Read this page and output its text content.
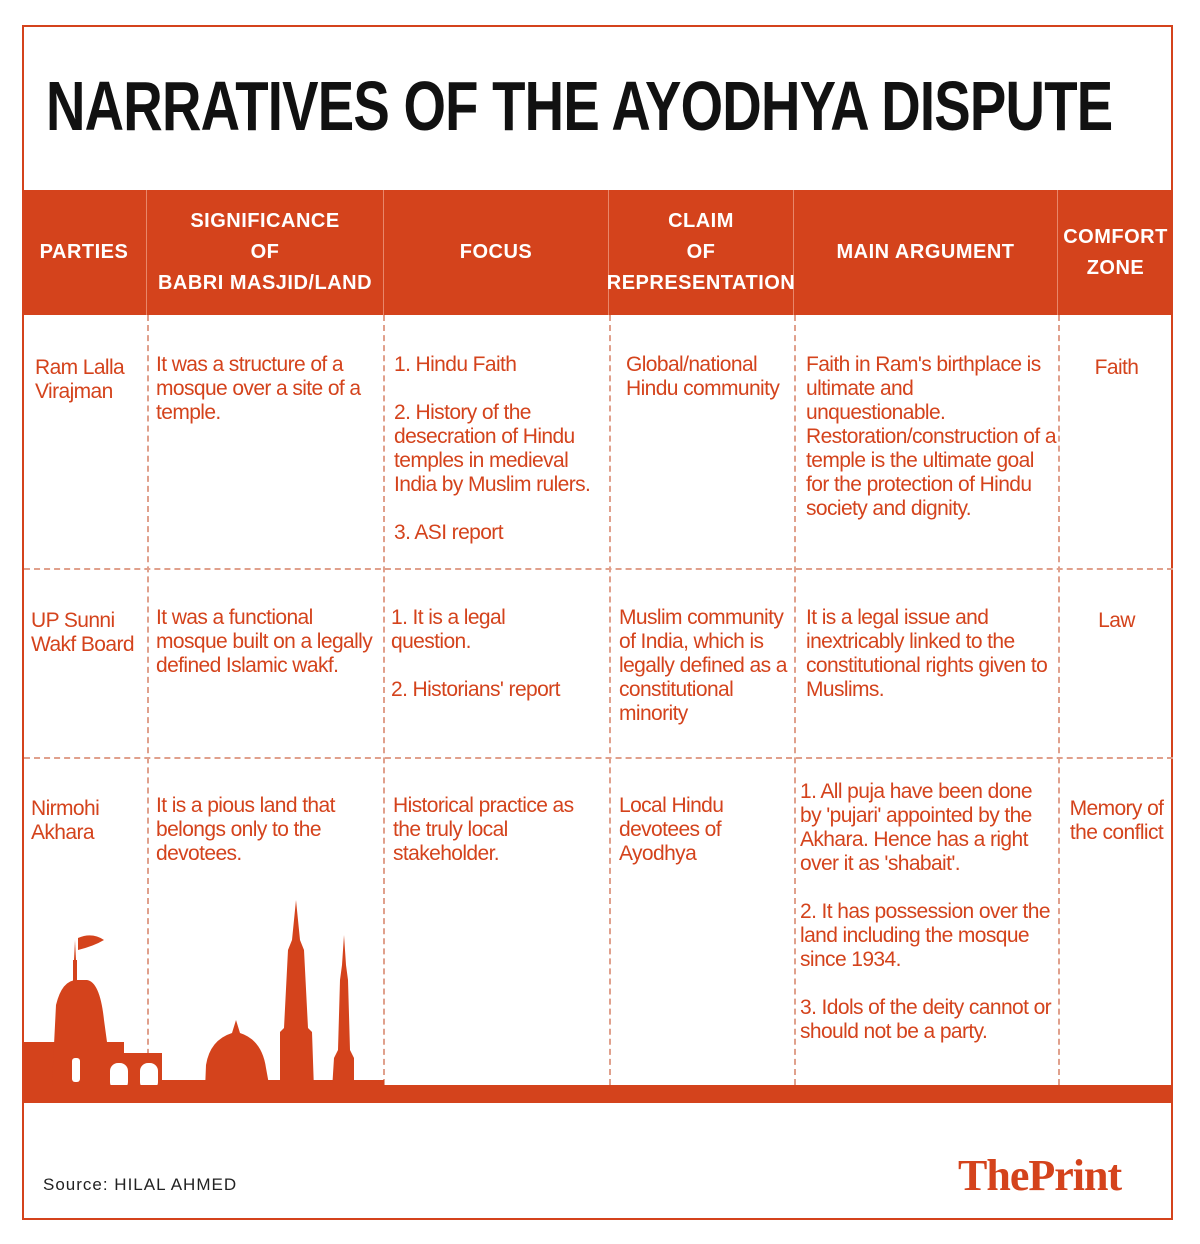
NARRATIVES OF THE AYODHYA DISPUTE
PARTIES
SIGNIFICANCE
OF
BABRI MASJID/LAND
FOCUS
CLAIM
OF
REPRESENTATION
MAIN ARGUMENT
COMFORT
ZONE
Ram Lalla Virajman
It was a structure of a mosque over a site of a temple.

1. Hindu Faith

2. History of the desecration of Hindu temples in medieval India by Muslim rulers.

3. ASI report

Global/national Hindu community
Faith in Ram's birthplace is ultimate and unquestionable. Restoration/construction of a temple is the ultimate goal for the protection of Hindu society and dignity.
Faith
UP Sunni Wakf Board
It was a functional mosque built on a legally defined Islamic wakf.

1. It is a legal question.

2. Historians' report

Muslim community of India, which is legally defined as a constitutional minority
It is a legal issue and inextricably linked to the constitutional rights given to Muslims.
Law
Nirmohi Akhara
It is a pious land that belongs only to the devotees.
Historical practice as the truly local stakeholder.
Local Hindu devotees of Ayodhya

1. All puja have been done by 'pujari' appointed by the Akhara. Hence has a right over it as 'shabait'.

2. It has possession over the land including the mosque since 1934.

3. Idols of the deity cannot or should not be a party.

Memory of the conflict
Source: HILAL AHMED	ThePrint
